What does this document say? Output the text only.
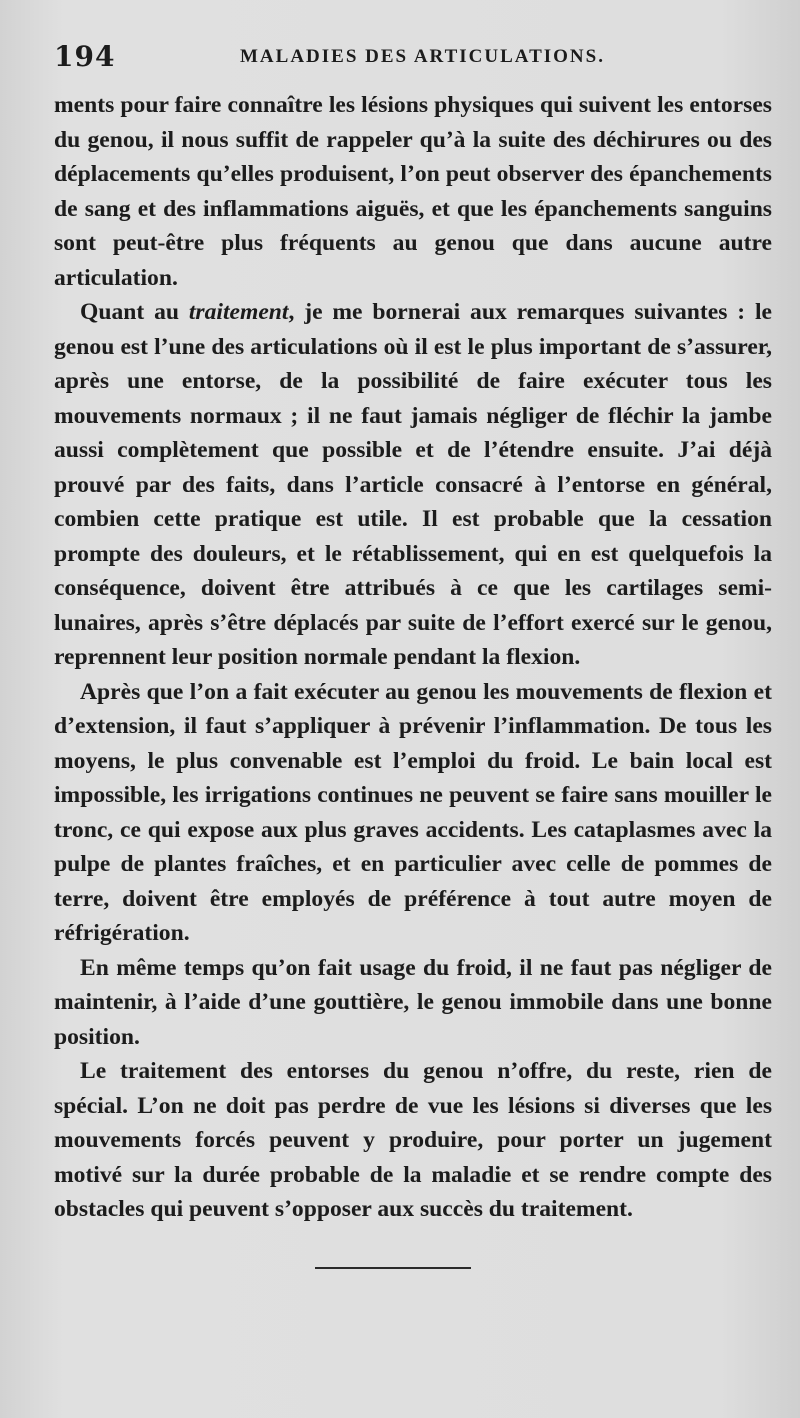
194	MALADIES DES ARTICULATIONS.

ments pour faire connaître les lésions physiques qui suivent les entorses du genou, il nous suffit de rappeler qu’à la suite des déchirures ou des déplacements qu’elles produisent, l’on peut observer des épanchements de sang et des inflammations aiguës, et que les épanchements sanguins sont peut-être plus fréquents au genou que dans aucune autre articulation.

Quant au traitement, je me bornerai aux remarques suivantes : le genou est l’une des articulations où il est le plus important de s’assurer, après une entorse, de la possibilité de faire exécuter tous les mouvements normaux ; il ne faut jamais négliger de fléchir la jambe aussi complètement que possible et de l’étendre ensuite. J’ai déjà prouvé par des faits, dans l’article consacré à l’entorse en général, combien cette pratique est utile. Il est probable que la cessation prompte des douleurs, et le rétablissement, qui en est quelquefois la conséquence, doivent être attribués à ce que les cartilages semi-lunaires, après s’être déplacés par suite de l’effort exercé sur le genou, reprennent leur position normale pendant la flexion.

Après que l’on a fait exécuter au genou les mouvements de flexion et d’extension, il faut s’appliquer à prévenir l’inflammation. De tous les moyens, le plus convenable est l’emploi du froid. Le bain local est impossible, les irrigations continues ne peuvent se faire sans mouiller le tronc, ce qui expose aux plus graves accidents. Les cataplasmes avec la pulpe de plantes fraîches, et en particulier avec celle de pommes de terre, doivent être employés de préférence à tout autre moyen de réfrigération.

En même temps qu’on fait usage du froid, il ne faut pas négliger de maintenir, à l’aide d’une gouttière, le genou immobile dans une bonne position.

Le traitement des entorses du genou n’offre, du reste, rien de spécial. L’on ne doit pas perdre de vue les lésions si diverses que les mouvements forcés peuvent y produire, pour porter un jugement motivé sur la durée probable de la maladie et se rendre compte des obstacles qui peuvent s’opposer aux succès du traitement.
